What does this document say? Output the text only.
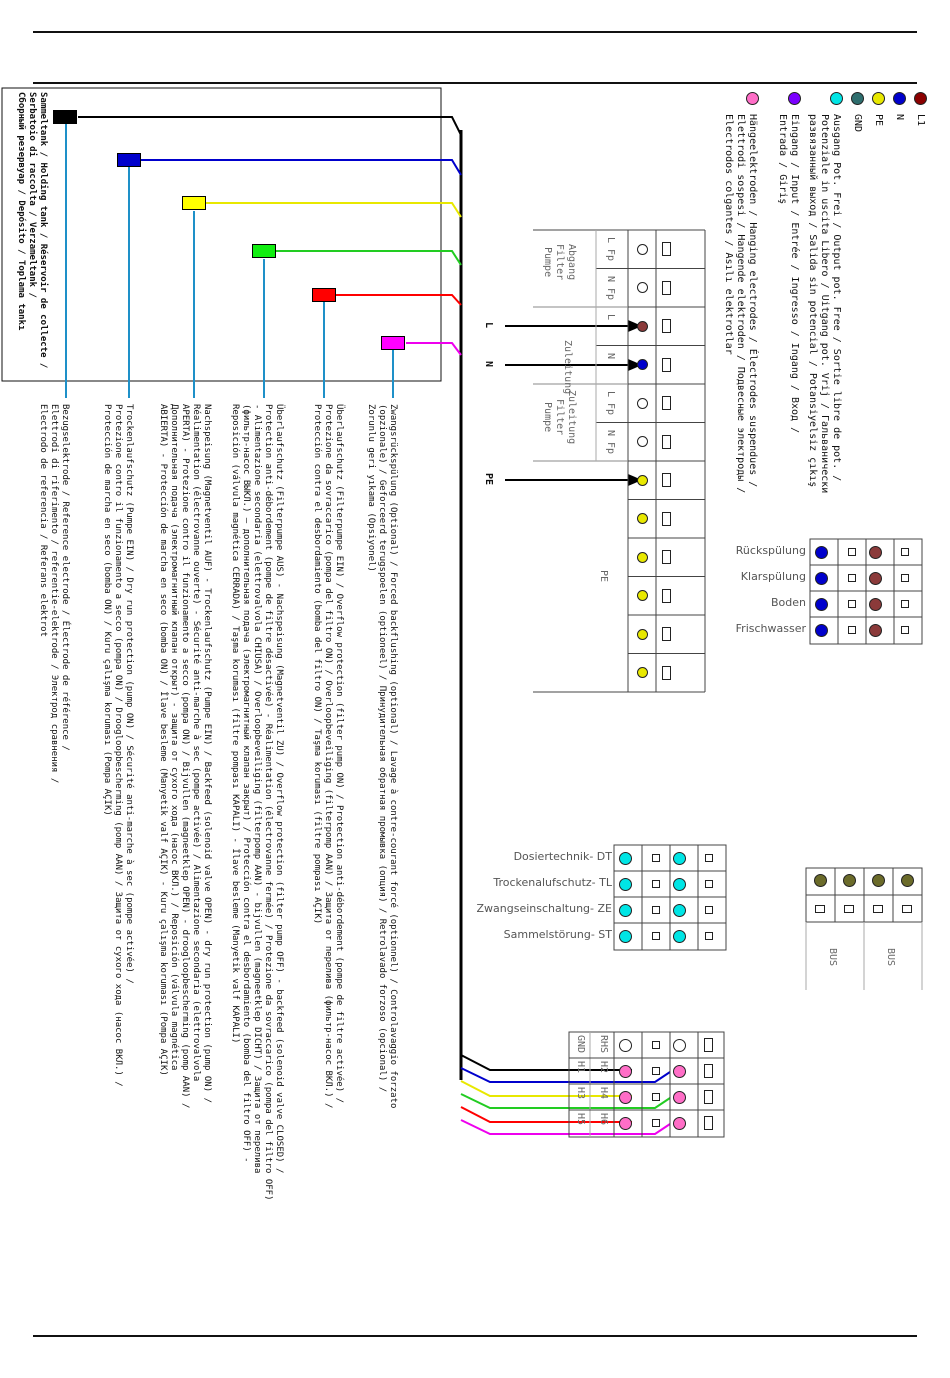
Sammeltank / Holding tank / Réservoir de collecte /
Serbatoio di raccolta / Verzameltank /
Сборный резервуар / Depósito / Toplama tankı
Zwangsrückspülung (Optional) / Forced backflushing (optional) / Lavage à contre-courant forcé (optionnel) / Controlavaggio forzato
(opzionale) / Geforceerd terugspoelen (optioneel) / Принудительная обратная промывка (опция) / Retrolavado forzoso (opcional) /
Zorunlu geri yıkama (Opsiyonel)
Überlaufschutz (Filterpumpe EIN) / Overflow protection (filter pump ON) / Protection anti-débordement (pompe de filtre activée) /
Protezione da sovraccarico (pompa del filtro ON) / Overloopbeveiliging (filterpomp AAN) / Защита от перелива (фильтр-насос ВКЛ.) /
Protección contra el desbordamiento (bomba del filtro ON) / Taşma koruması (filtre pompası AÇIK)
Überlaufschutz (Filterpumpe AUS) - Nachspeisung (Magnetventil ZU) / Overflow protection (filter pump OFF) - backfeed (solenoid valve CLOSED) /
Protection anti-débordement (pompe de filtre désactivée) - Réalimentation (électrovanne fermée) / Protezione da sovraccarico (pompa del filtro OFF)
- Alimentazione secondaria (elettrovalvola CHIUSA) / Overloopbeveiliging (filterpomp AAN) - bijvullen (magneetklep DICHT) / Защита от перелива
(фильтр-насос ВЫКЛ.) – дополнительная подача (электромагнитный клапан закрыт) / Protección contra el desbordamiento (bomba del filtro OFF) -
Reposición (válvula magnética CERRADA) / Taşma koruması (filtre pompası KAPALI) - İlave besleme (Manyetik valf KAPALI)
Nachspeisung (Magnetventil AUF) - Trockenlaufschutz (Pumpe EIN) / Backfeed (solenoid valve OPEN) - dry run protection (pump ON) /
Réalimentation (électrovanne ouverte) - Sécurité anti-marche à sec (pompe activée) / Alimentazione secondaria (elettrovalvola
APERTA) - Protezione contro il funzionamento a secco (pompa ON) / Bijvullen (magneetklep OPEN) - droogloopbescherming (pomp AAN) /
Дополнительная подача (электромагнитный клапан открыт) - защита от сухого хода (насос ВКЛ.) / Reposición (válvula magnética
ABIERTA) - Protección de marcha en seco (bomba ON) / İlave besleme (Manyetik valf AÇIK) - Kuru çalışma koruması (Pompa AÇIK)
Trockenlaufschutz (Pumpe EIN) / Dry run protection (pump ON) / Sécurité anti-marche à sec (pompe activée) /
Protezione contro il funzionamento a secco (pompa ON) / Droogloopbescherming (pomp AAN) / Защита от сухого хода (насос ВКЛ.) /
Protección de marcha en seco (bomba ON) / Kuru çalışma koruması (Pompa AÇIK)
Bezugselektrode / Reference electrode / Électrode de référence /
Elettrodi di riferimento / referentie-elektrode / Электрод сравнения /
Electrodo de referencia / Referans elektrot
L1
N
PE
GND
Ausgang Pot. Frei / Output pot. Free / Sortie libre de pot. /
Potenziale in uscita Libero / Uitgang pot. Vrij / Гальванически
развязанный выход / Salida sin potencial / Potansiyelsiz çıkış
Eingang / Input / Entrée / Ingresso / Ingang / Вход /
Entrada / Giriş
Hängeelektroden / Hanging electrodes / Électrodes suspendues /
Elettrodi sospesi / Hangende elektroden / Подвесные электроды /
Electrodos colgantes / Asılı elektrotlar
L
N
PE
Abgang
Filter
Pumpe
Zuleitung
Zuleitung
Filter
Pumpe
PE
L Fp
N Fp
L
N
L Fp
N Fp
Rückspülung
Klarspülung
Boden
Frischwasser
Dosiertechnik- DT
Trockenalufschutz- TL
Zwangseinschaltung- ZE
Sammelstörung- ST
GND RHS
H1 H2
H3 H4
H5 H6
BUS	BUS
